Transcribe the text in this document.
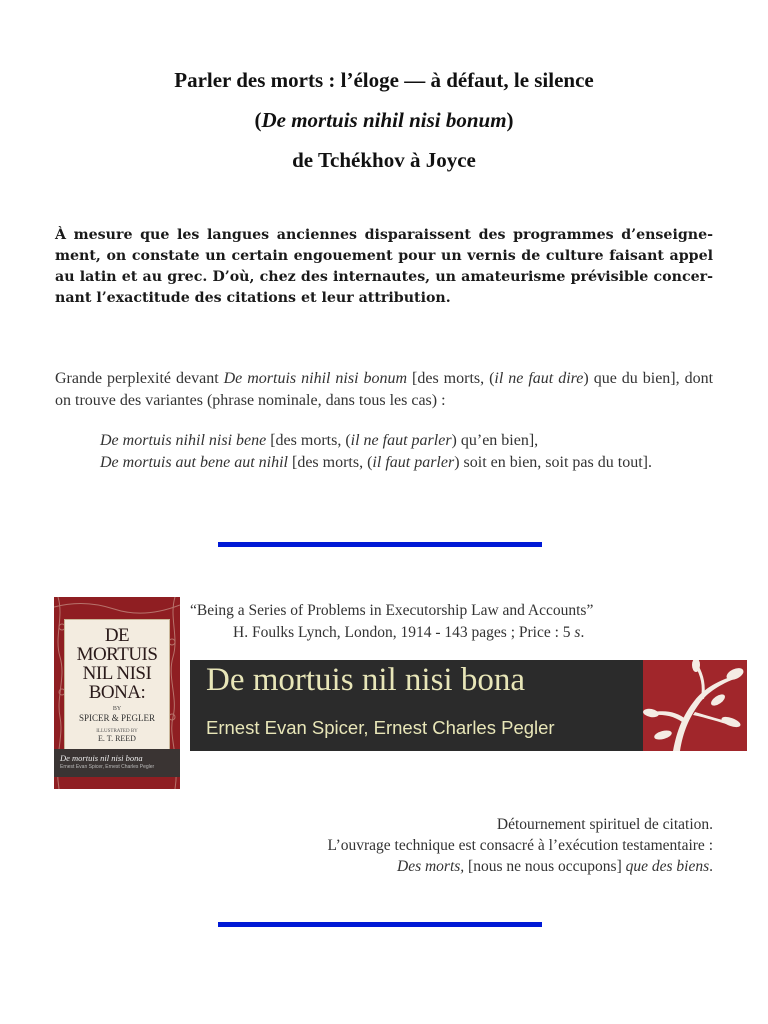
Parler des morts : l’éloge — à défaut, le silence
(De mortuis nihil nisi bonum)
de Tchékhov à Joyce
À mesure que les langues anciennes disparaissent des programmes d’enseigne-ment, on constate un certain engouement pour un vernis de culture faisant appel au latin et au grec. D’où, chez des internautes, un amateurisme prévisible concer-nant l’exactitude des citations et leur attribution.
Grande perplexité devant De mortuis nihil nisi bonum [des morts, (il ne faut dire) que du bien], dont on trouve des variantes (phrase nominale, dans tous les cas) :
De mortuis nihil nisi bene [des morts, (il ne faut parler) qu’en bien],
De mortuis aut bene aut nihil [des morts, (il faut parler) soit en bien, soit pas du tout].
DE
MORTUIS
NIL NISI
BONA:
BY
SPICER & PEGLER
ILLUSTRATED BY
E. T. REED
De mortuis nil nisi bona
Ernest Evan Spicer, Ernest Charles Pegler
“Being a Series of Problems in Executorship Law and Accounts”
H. Foulks Lynch, London, 1914 - 143 pages ; Price : 5 s.
De mortuis nil nisi bona
Ernest Evan Spicer, Ernest Charles Pegler
Détournement spirituel de citation.
L’ouvrage technique est consacré à l’exécution testamentaire :
Des morts, [nous ne nous occupons] que des biens.
